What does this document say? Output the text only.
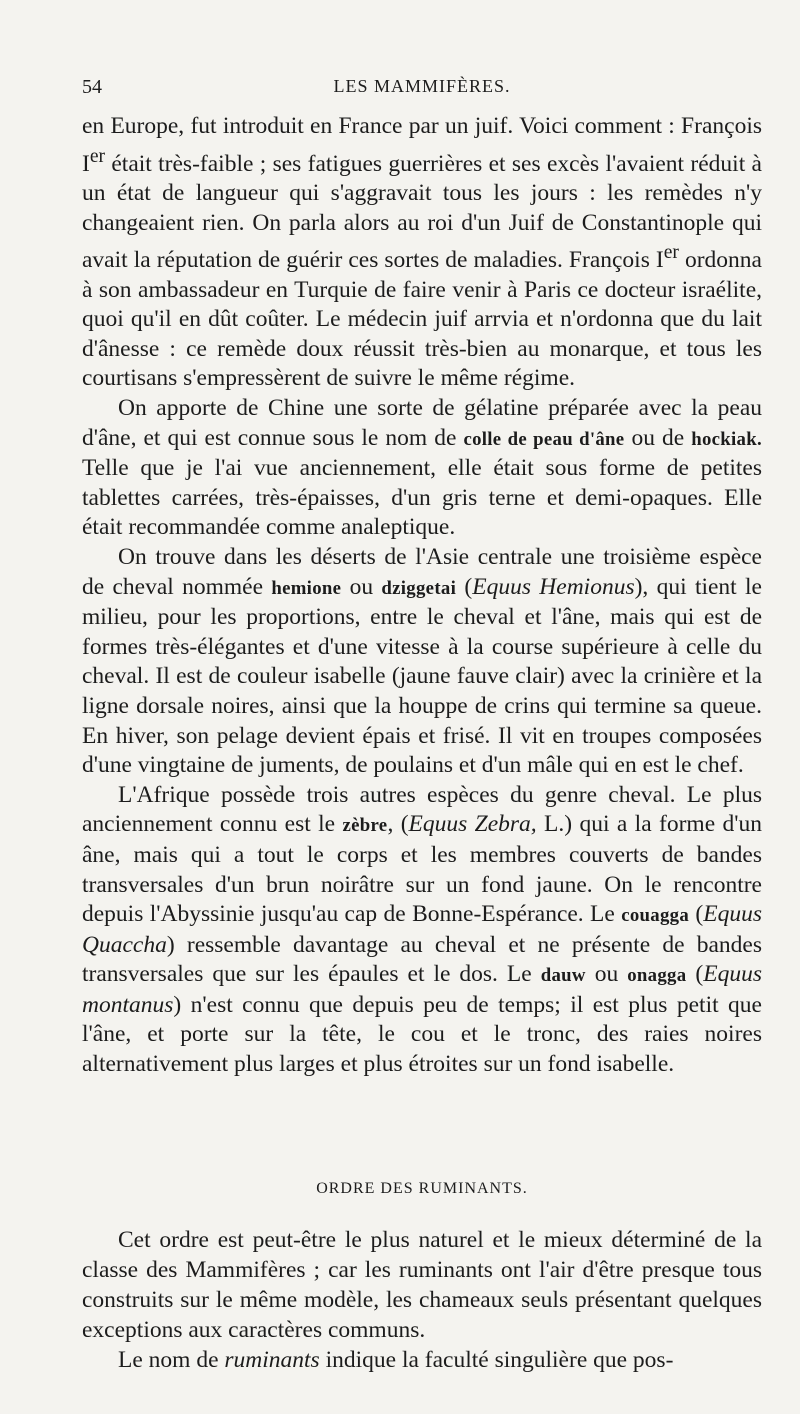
54	LES MAMMIFÈRES.

en Europe, fut introduit en France par un juif. Voici comment : François Ier était très-faible ; ses fatigues guerrières et ses excès l'avaient réduit à un état de langueur qui s'aggravait tous les jours : les remèdes n'y changeaient rien. On parla alors au roi d'un Juif de Constantinople qui avait la réputation de guérir ces sortes de maladies. François Ier ordonna à son ambassadeur en Turquie de faire venir à Paris ce docteur israélite, quoi qu'il en dût coûter. Le médecin juif arrvia et n'ordonna que du lait d'ânesse : ce remède doux réussit très-bien au monarque, et tous les courtisans s'empressèrent de suivre le même régime.

On apporte de Chine une sorte de gélatine préparée avec la peau d'âne, et qui est connue sous le nom de colle de peau d'âne ou de hockiak. Telle que je l'ai vue anciennement, elle était sous forme de petites tablettes carrées, très-épaisses, d'un gris terne et demi-opaques. Elle était recommandée comme analeptique.

On trouve dans les déserts de l'Asie centrale une troisième espèce de cheval nommée hemione ou dziggetai (Equus Hemionus), qui tient le milieu, pour les proportions, entre le cheval et l'âne, mais qui est de formes très-élégantes et d'une vitesse à la course supérieure à celle du cheval. Il est de couleur isabelle (jaune fauve clair) avec la crinière et la ligne dorsale noires, ainsi que la houppe de crins qui termine sa queue. En hiver, son pelage devient épais et frisé. Il vit en troupes composées d'une vingtaine de juments, de poulains et d'un mâle qui en est le chef.

L'Afrique possède trois autres espèces du genre cheval. Le plus anciennement connu est le zèbre, (Equus Zebra, L.) qui a la forme d'un âne, mais qui a tout le corps et les membres couverts de bandes transversales d'un brun noirâtre sur un fond jaune. On le rencontre depuis l'Abyssinie jusqu'au cap de Bonne-Espérance. Le couagga (Equus Quaccha) ressemble davantage au cheval et ne présente de bandes transversales que sur les épaules et le dos. Le dauw ou onagga (Equus montanus) n'est connu que depuis peu de temps; il est plus petit que l'âne, et porte sur la tête, le cou et le tronc, des raies noires alternativement plus larges et plus étroites sur un fond isabelle.

ORDRE DES RUMINANTS.

Cet ordre est peut-être le plus naturel et le mieux déterminé de la classe des Mammifères ; car les ruminants ont l'air d'être presque tous construits sur le même modèle, les chameaux seuls présentant quelques exceptions aux caractères communs.

Le nom de ruminants indique la faculté singulière que pos-
